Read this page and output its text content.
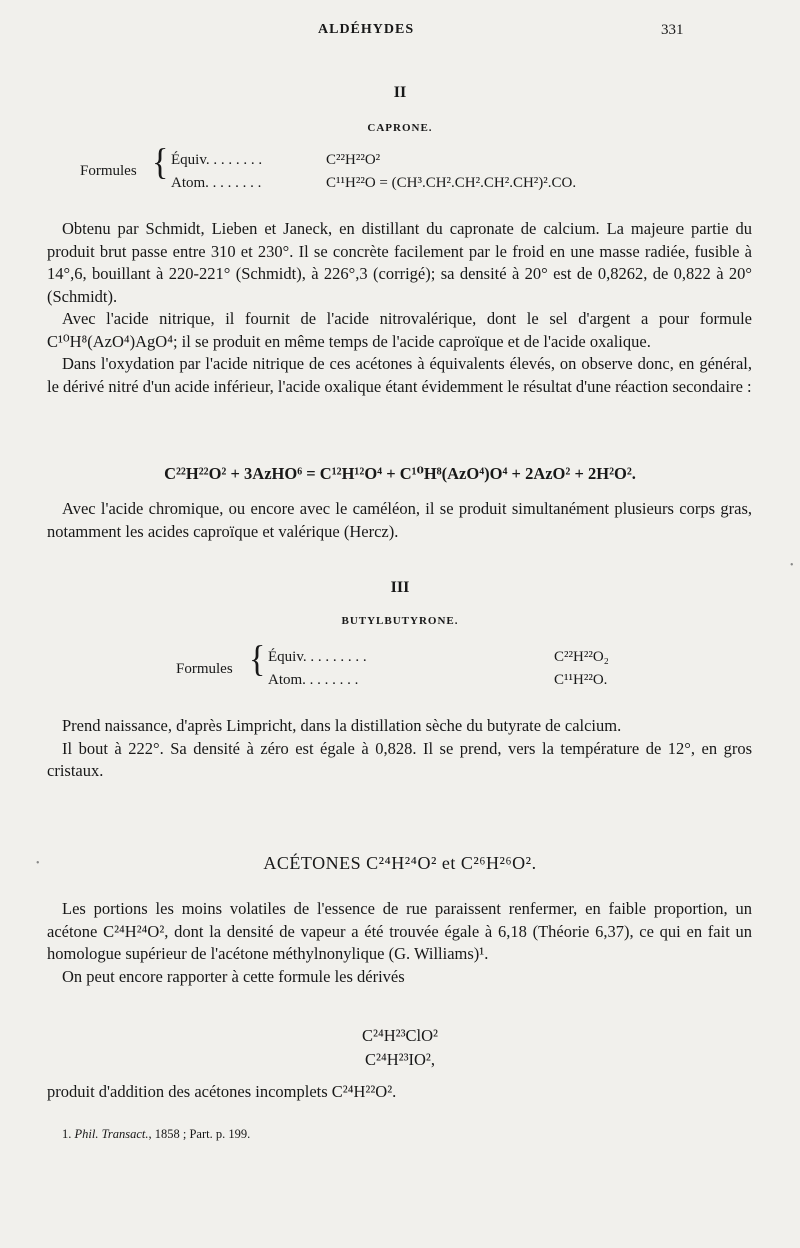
ALDÉHYDES	331
II
CAPRONE.
Formules { Équiv. . . . . . . .	C²²H²²O²
Atom. . . . . . . .	C¹¹H²²O = (CH³.CH².CH².CH².CH²)².CO.

Obtenu par Schmidt, Lieben et Janeck, en distillant du capronate de calcium. La majeure partie du produit brut passe entre 310 et 230°. Il se concrète facilement par le froid en une masse radiée, fusible à 14°,6, bouillant à 220-221° (Schmidt), à 226°,3 (corrigé); sa densité à 20° est de 0,8262, de 0,822 à 20° (Schmidt).

Avec l'acide nitrique, il fournit de l'acide nitrovalérique, dont le sel d'argent a pour formule C¹⁰H⁸(AzO⁴)AgO⁴; il se produit en même temps de l'acide caproïque et de l'acide oxalique.

Dans l'oxydation par l'acide nitrique de ces acétones à équivalents élevés, on observe donc, en général, le dérivé nitré d'un acide inférieur, l'acide oxalique étant évidemment le résultat d'une réaction secondaire :

C²²H²²O² + 3AzHO⁶ = C¹²H¹²O⁴ + C¹⁰H⁸(AzO⁴)O⁴ + 2AzO² + 2H²O².

Avec l'acide chromique, ou encore avec le caméléon, il se produit simultanément plusieurs corps gras, notamment les acides caproïque et valérique (Hercz).

III
BUTYLBUTYRONE.
Formules { Équiv. . . . . . . . .	C²²H²²O₂
Atom. . . . . . . .	C¹¹H²²O.

Prend naissance, d'après Limpricht, dans la distillation sèche du butyrate de calcium.

Il bout à 222°. Sa densité à zéro est égale à 0,828. Il se prend, vers la température de 12°, en gros cristaux.

ACÉTONES C²⁴H²⁴O² et C²⁶H²⁶O².

Les portions les moins volatiles de l'essence de rue paraissent renfermer, en faible proportion, un acétone C²⁴H²⁴O², dont la densité de vapeur a été trouvée égale à 6,18 (Théorie 6,37), ce qui en fait un homologue supérieur de l'acétone méthylnonylique (G. Williams)¹.

On peut encore rapporter à cette formule les dérivés

C²⁴H²³ClO²
C²⁴H²³IO²,

produit d'addition des acétones incomplets C²⁴H²²O².

1. Phil. Transact., 1858 ; Part. p. 199.
•
•
